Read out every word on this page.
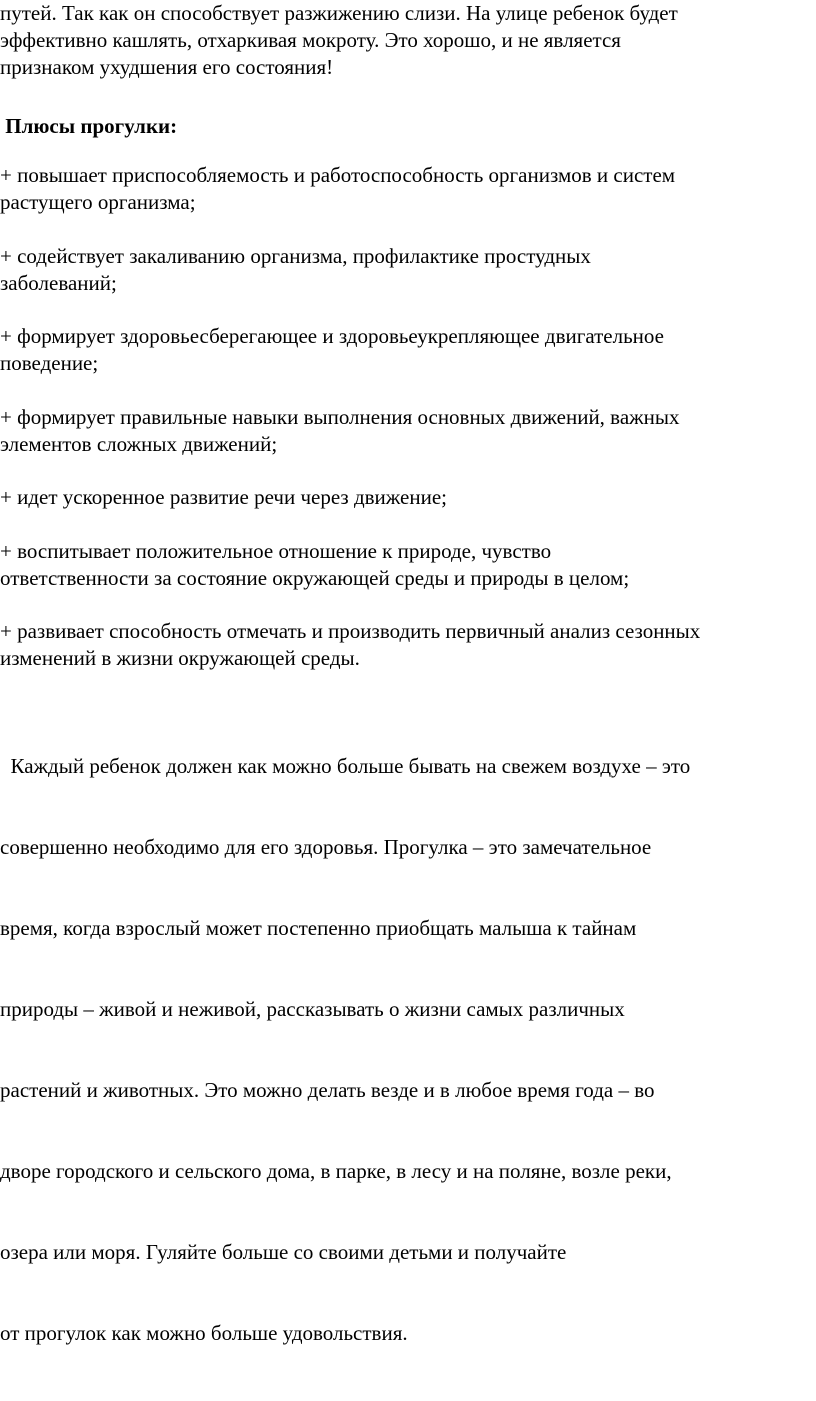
путей. Так как он способствует разжижению слизи. На улице ребенок будет
эффективно кашлять, отхаркивая мокроту. Это хорошо, и не является
признаком ухудшения его состояния!

Плюсы прогулки:

+ повышает приспособляемость и работоспособность организмов и систем
растущего организма;

+ содействует закаливанию организма, профилактике простудных
заболеваний;

+ формирует здоровьесберегающее и здоровьеукрепляющее двигательное
поведение;

+ формирует правильные навыки выполнения основных движений, важных
элементов сложных движений;

+ идет ускоренное развитие речи через движение;

+ воспитывает положительное отношение к природе, чувство
ответственности за состояние окружающей среды и природы в целом;

+ развивает способность отмечать и производить первичный анализ сезонных
изменений в жизни окружающей среды.

Каждый ребенок должен как можно больше бывать на свежем воздухе – это

совершенно необходимо для его здоровья. Прогулка – это замечательное

время, когда взрослый может постепенно приобщать малыша к тайнам

природы – живой и неживой, рассказывать о жизни самых различных

растений и животных. Это можно делать везде и в любое время года – во

дворе городского и сельского дома, в парке, в лесу и на поляне, возле реки,

озера или моря. Гуляйте больше со своими детьми и получайте

от прогулок как можно больше удовольствия.
